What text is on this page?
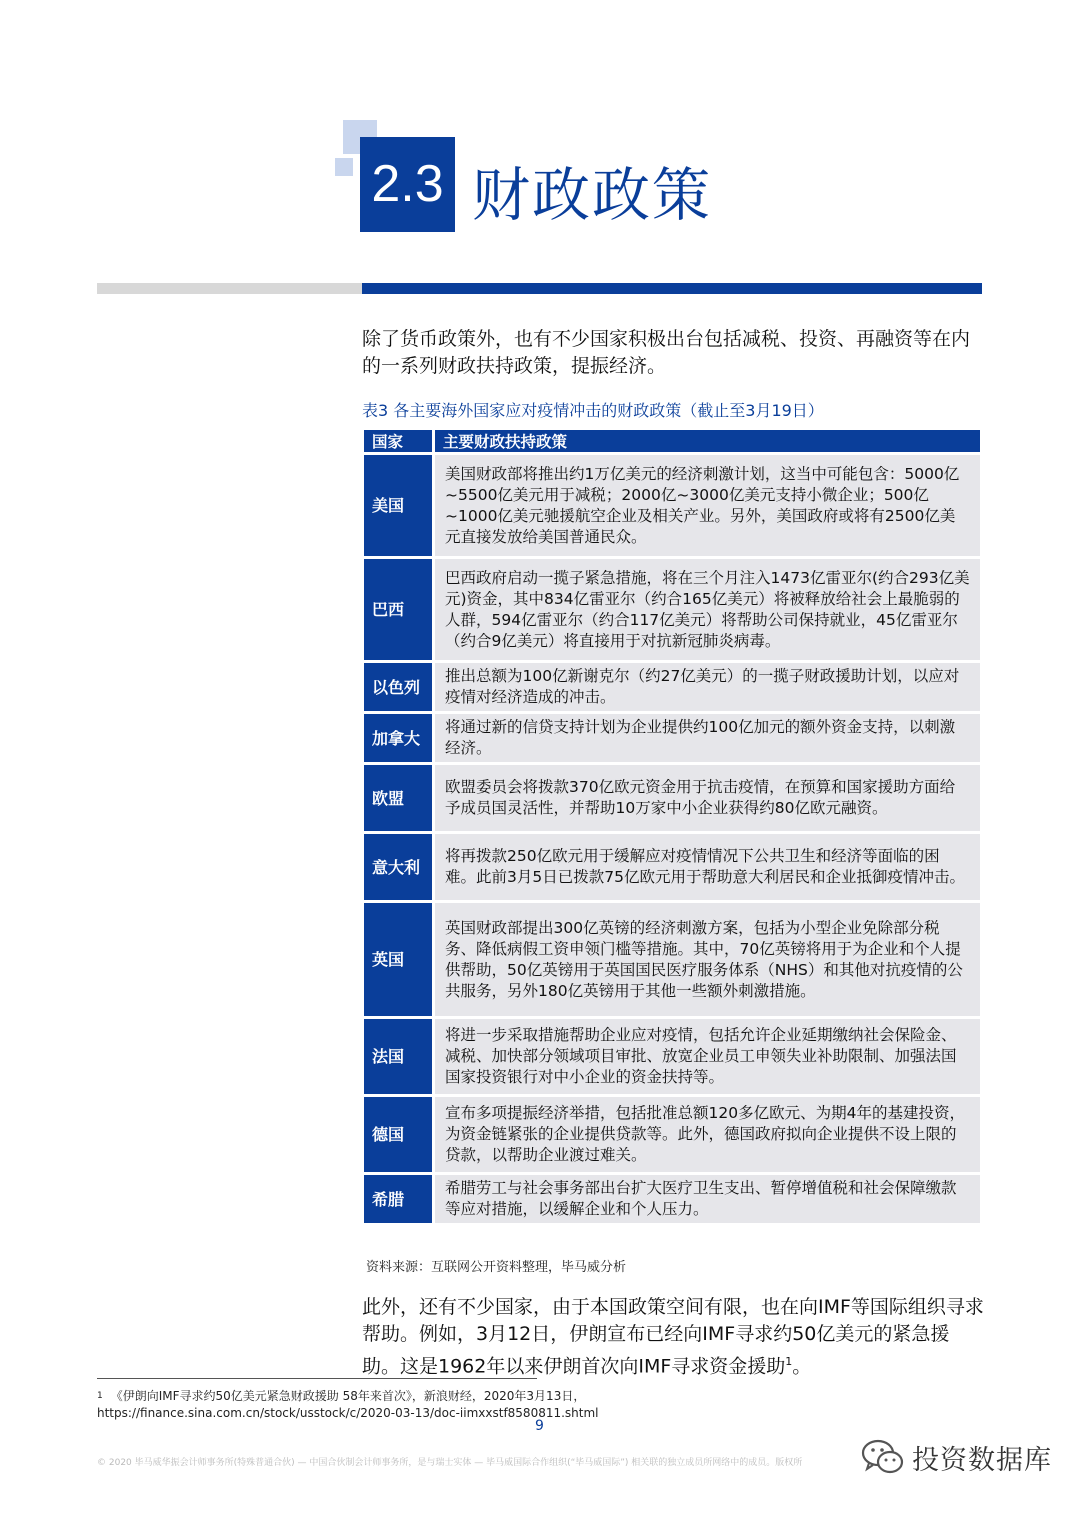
2.3 财政政策

除了货币政策外，也有不少国家积极出台包括减税、投资、再融资等在内的一系列财政扶持政策，提振经济。

表3 各主要海外国家应对疫情冲击的财政政策（截止至3月19日）
国家	主要财政扶持政策
美国	美国财政部将推出约1万亿美元的经济刺激计划，这当中可能包含：5000亿~5500亿美元用于减税；2000亿~3000亿美元支持小微企业；500亿~1000亿美元驰援航空企业及相关产业。另外，美国政府或将有2500亿美元直接发放给美国普通民众。
巴西	巴西政府启动一揽子紧急措施，将在三个月注入1473亿雷亚尔(约合293亿美元)资金，其中834亿雷亚尔（约合165亿美元）将被释放给社会上最脆弱的人群，594亿雷亚尔（约合117亿美元）将帮助公司保持就业，45亿雷亚尔（约合9亿美元）将直接用于对抗新冠肺炎病毒。
以色列	推出总额为100亿新谢克尔（约27亿美元）的一揽子财政援助计划，以应对疫情对经济造成的冲击。
加拿大	将通过新的信贷支持计划为企业提供约100亿加元的额外资金支持，以刺激经济。
欧盟	欧盟委员会将拨款370亿欧元资金用于抗击疫情，在预算和国家援助方面给予成员国灵活性，并帮助10万家中小企业获得约80亿欧元融资。
意大利	将再拨款250亿欧元用于缓解应对疫情情况下公共卫生和经济等面临的困难。此前3月5日已拨款75亿欧元用于帮助意大利居民和企业抵御疫情冲击。
英国	英国财政部提出300亿英镑的经济刺激方案，包括为小型企业免除部分税务、降低病假工资申领门槛等措施。其中，70亿英镑将用于为企业和个人提供帮助，50亿英镑用于英国国民医疗服务体系（NHS）和其他对抗疫情的公共服务，另外180亿英镑用于其他一些额外刺激措施。
法国	将进一步采取措施帮助企业应对疫情，包括允许企业延期缴纳社会保险金、减税、加快部分领域项目审批、放宽企业员工申领失业补助限制、加强法国国家投资银行对中小企业的资金扶持等。
德国	宣布多项提振经济举措，包括批准总额120多亿欧元、为期4年的基建投资，为资金链紧张的企业提供贷款等。此外，德国政府拟向企业提供不设上限的贷款，以帮助企业渡过难关。
希腊	希腊劳工与社会事务部出台扩大医疗卫生支出、暂停增值税和社会保障缴款等应对措施，以缓解企业和个人压力。
资料来源：互联网公开资料整理，毕马威分析

此外，还有不少国家，由于本国政策空间有限，也在向IMF等国际组织寻求帮助。例如，3月12日，伊朗宣布已经向IMF寻求约50亿美元的紧急援助。这是1962年以来伊朗首次向IMF寻求资金援助$^1$。

$^1$ 《伊朗向IMF寻求约50亿美元紧急财政援助 58年来首次》，新浪财经，2020年3月13日，
https://finance.sina.com.cn/stock/usstock/c/2020-03-13/doc-iimxxstf8580811.shtml
9
© 2020 毕马威华振会计师事务所(特殊普通合伙) — 中国合伙制会计师事务所，是与瑞士实体 — 毕马威国际合作组织(“毕马威国际”) 相关联的独立成员所网络中的成员。版权所	投资数据库
